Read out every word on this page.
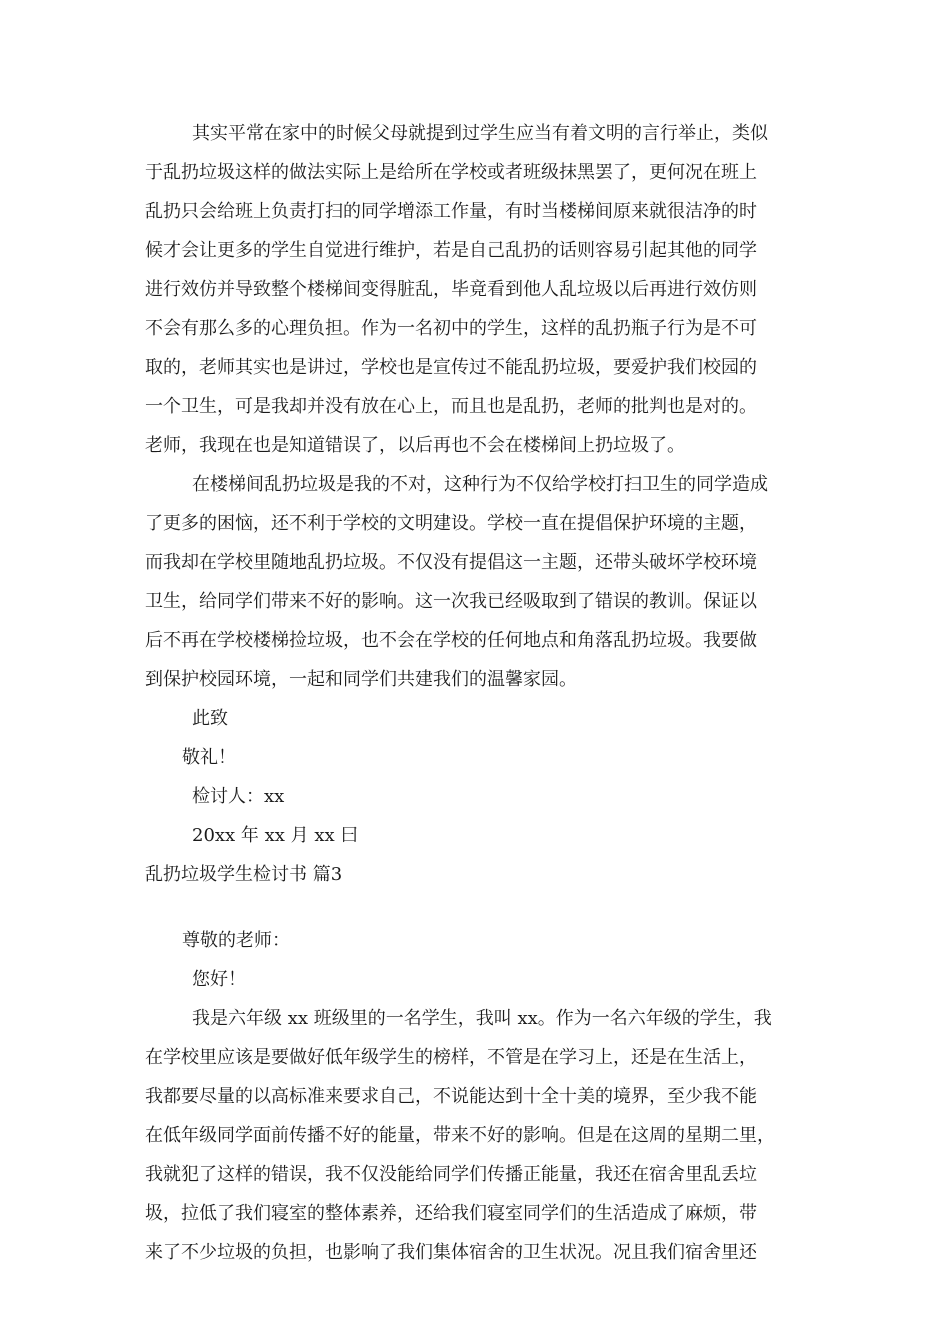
其实平常在家中的时候父母就提到过学生应当有着文明的言行举止，类似
于乱扔垃圾这样的做法实际上是给所在学校或者班级抹黑罢了，更何况在班上
乱扔只会给班上负责打扫的同学增添工作量，有时当楼梯间原来就很洁净的时
候才会让更多的学生自觉进行维护，若是自己乱扔的话则容易引起其他的同学
进行效仿并导致整个楼梯间变得脏乱，毕竟看到他人乱垃圾以后再进行效仿则
不会有那么多的心理负担。作为一名初中的学生，这样的乱扔瓶子行为是不可
取的，老师其实也是讲过，学校也是宣传过不能乱扔垃圾，要爱护我们校园的
一个卫生，可是我却并没有放在心上，而且也是乱扔，老师的批判也是对的。
老师，我现在也是知道错误了，以后再也不会在楼梯间上扔垃圾了。
在楼梯间乱扔垃圾是我的不对，这种行为不仅给学校打扫卫生的同学造成
了更多的困恼，还不利于学校的文明建设。学校一直在提倡保护环境的主题，
而我却在学校里随地乱扔垃圾。不仅没有提倡这一主题，还带头破坏学校环境
卫生，给同学们带来不好的影响。这一次我已经吸取到了错误的教训。保证以
后不再在学校楼梯捡垃圾，也不会在学校的任何地点和角落乱扔垃圾。我要做
到保护校园环境，一起和同学们共建我们的温馨家园。
此致
敬礼！
检讨人：xx
20xx 年 xx 月 xx 曰
乱扔垃圾学生检讨书 篇3
尊敬的老师：
您好！
我是六年级 xx 班级里的一名学生，我叫 xx。作为一名六年级的学生，我
在学校里应该是要做好低年级学生的榜样，不管是在学习上，还是在生活上，
我都要尽量的以高标准来要求自己，不说能达到十全十美的境界，至少我不能
在低年级同学面前传播不好的能量，带来不好的影响。但是在这周的星期二里，
我就犯了这样的错误，我不仅没能给同学们传播正能量，我还在宿舍里乱丢垃
圾，拉低了我们寝室的整体素养，还给我们寝室同学们的生活造成了麻烦，带
来了不少垃圾的负担，也影响了我们集体宿舍的卫生状况。况且我们宿舍里还
